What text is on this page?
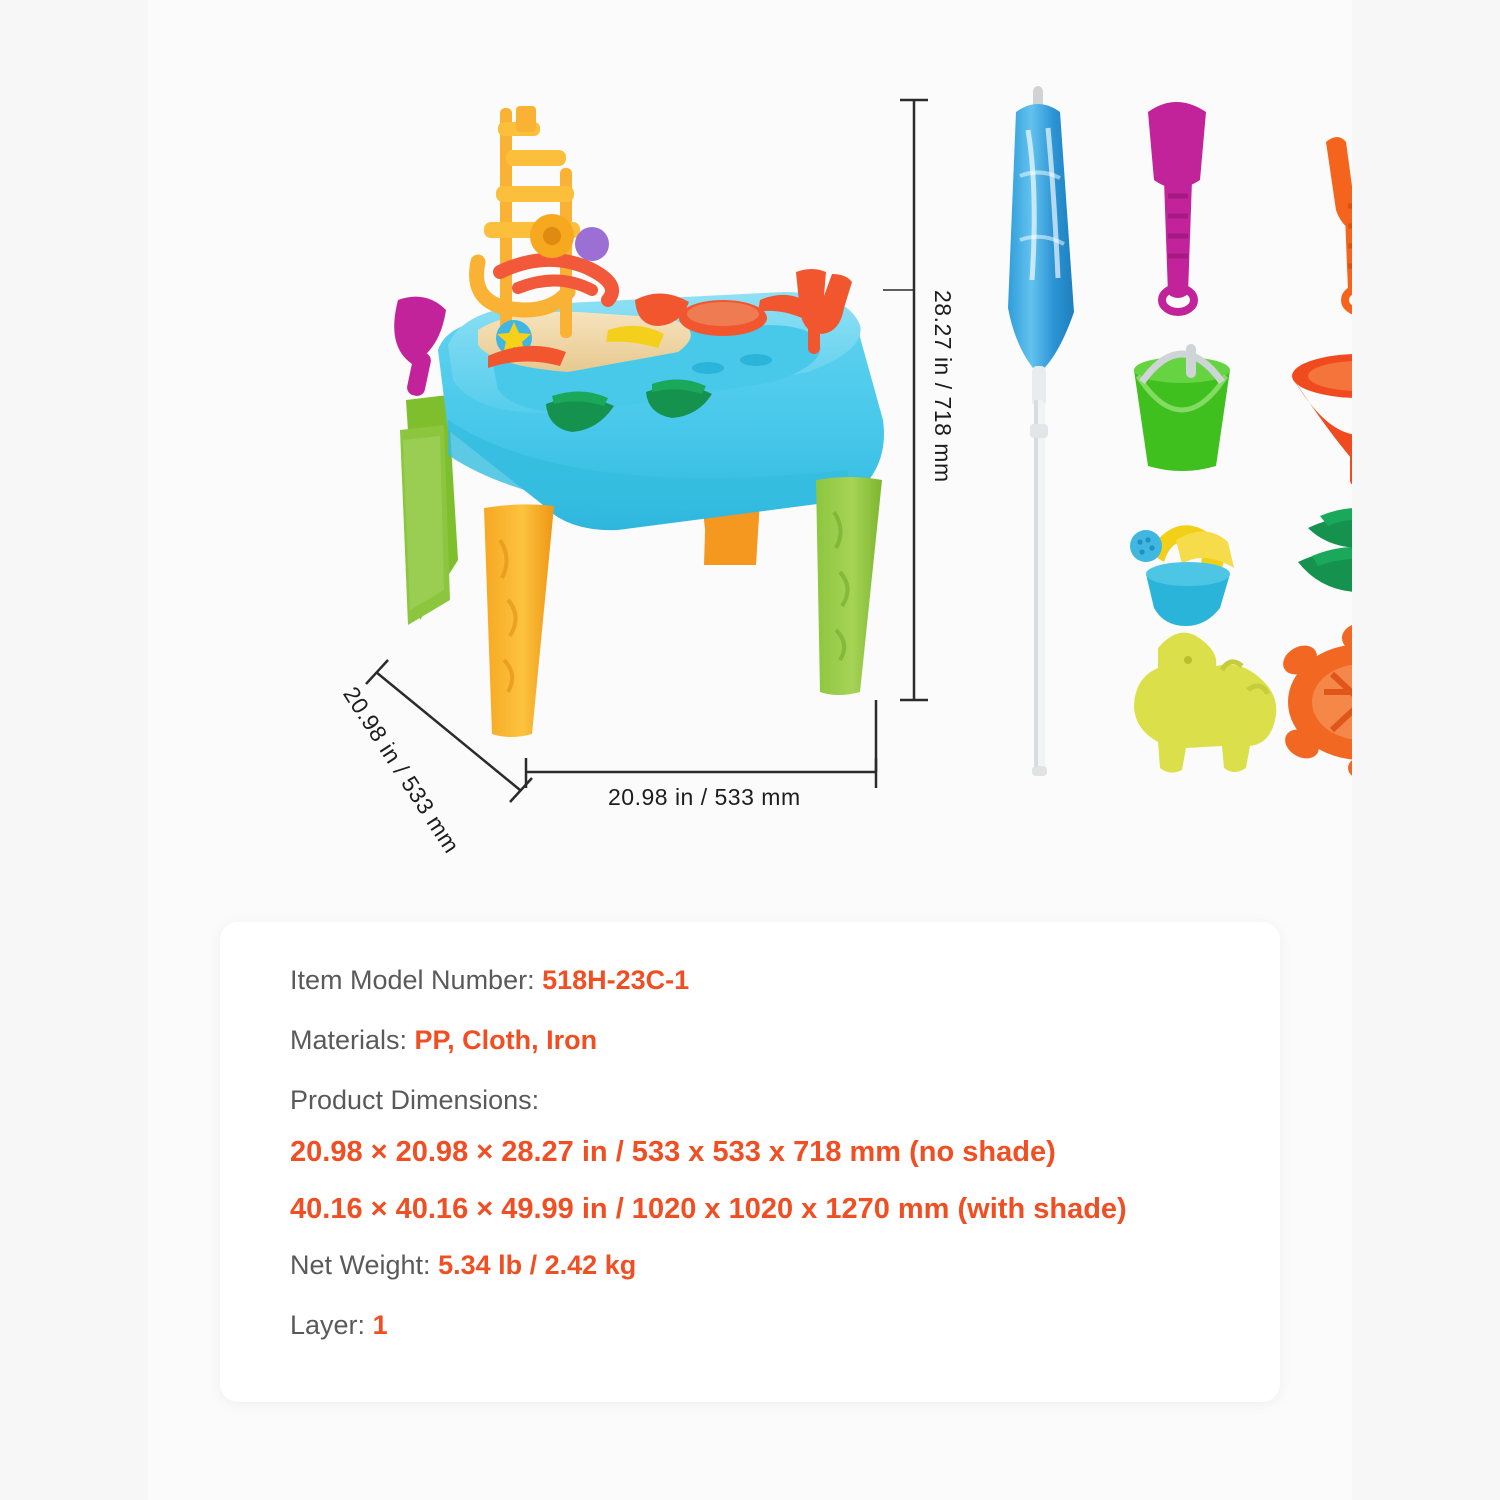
28.27 in / 718 mm
20.98 in / 533 mm
20.98 in / 533 mm
Item Model Number: 518H-23C-1
Materials: PP, Cloth, Iron
Product Dimensions:
20.98 × 20.98 × 28.27 in / 533 x 533 x 718 mm (no shade)
40.16 × 40.16 × 49.99 in / 1020 x 1020 x 1270 mm (with shade)
Net Weight: 5.34 lb / 2.42 kg
Layer: 1
